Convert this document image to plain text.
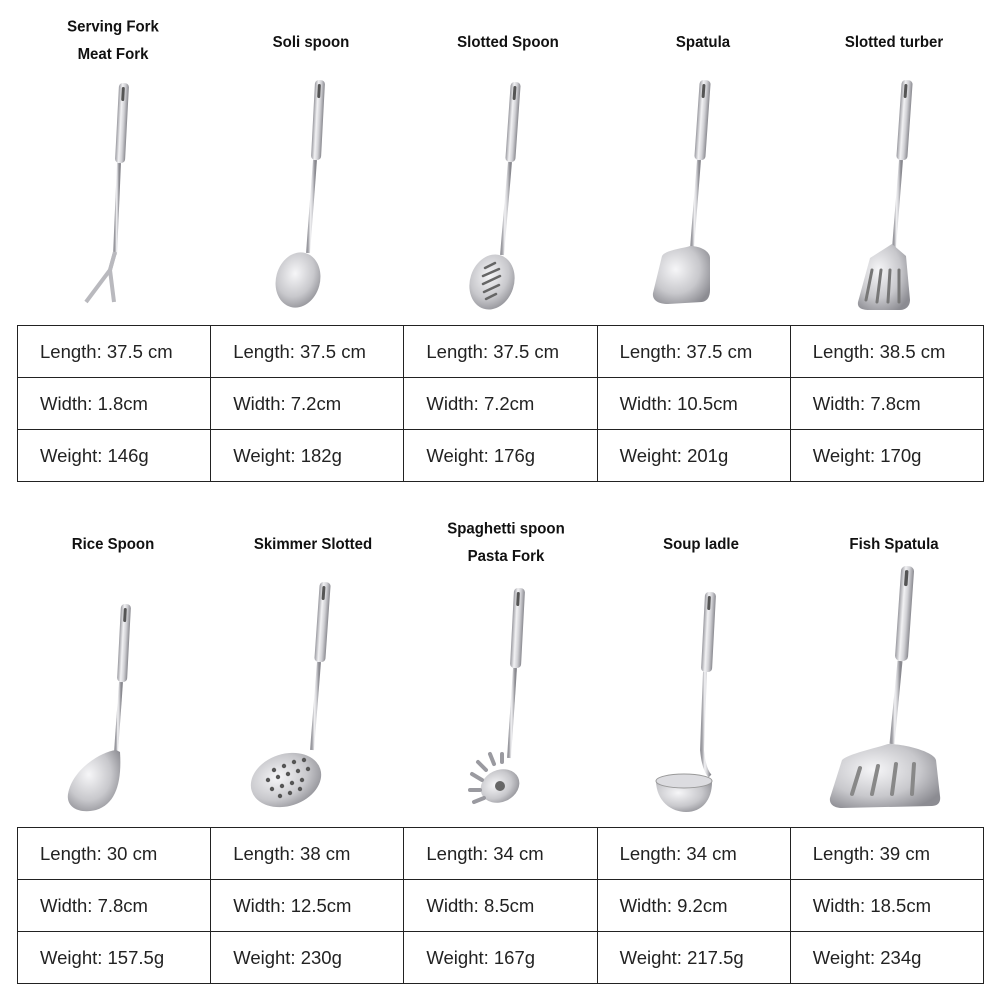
Serving Fork
Meat Fork
Soli spoon	Slotted Spoon	Spatula	Slotted turber
Length: 37.5 cm	Length: 37.5 cm	Length: 37.5 cm	Length: 37.5 cm	Length: 38.5 cm
Width: 1.8cm	Width: 7.2cm	Width: 7.2cm	Width: 10.5cm	Width: 7.8cm
Weight: 146g	Weight: 182g	Weight: 176g	Weight: 201g	Weight: 170g
Rice Spoon	Skimmer Slotted
Spaghetti spoon
Pasta Fork
Soup ladle	Fish Spatula
Length: 30 cm	Length: 38 cm	Length: 34 cm	Length: 34 cm	Length: 39 cm
Width: 7.8cm	Width: 12.5cm	Width: 8.5cm	Width: 9.2cm	Width: 18.5cm
Weight: 157.5g	Weight: 230g	Weight: 167g	Weight: 217.5g	Weight: 234g
